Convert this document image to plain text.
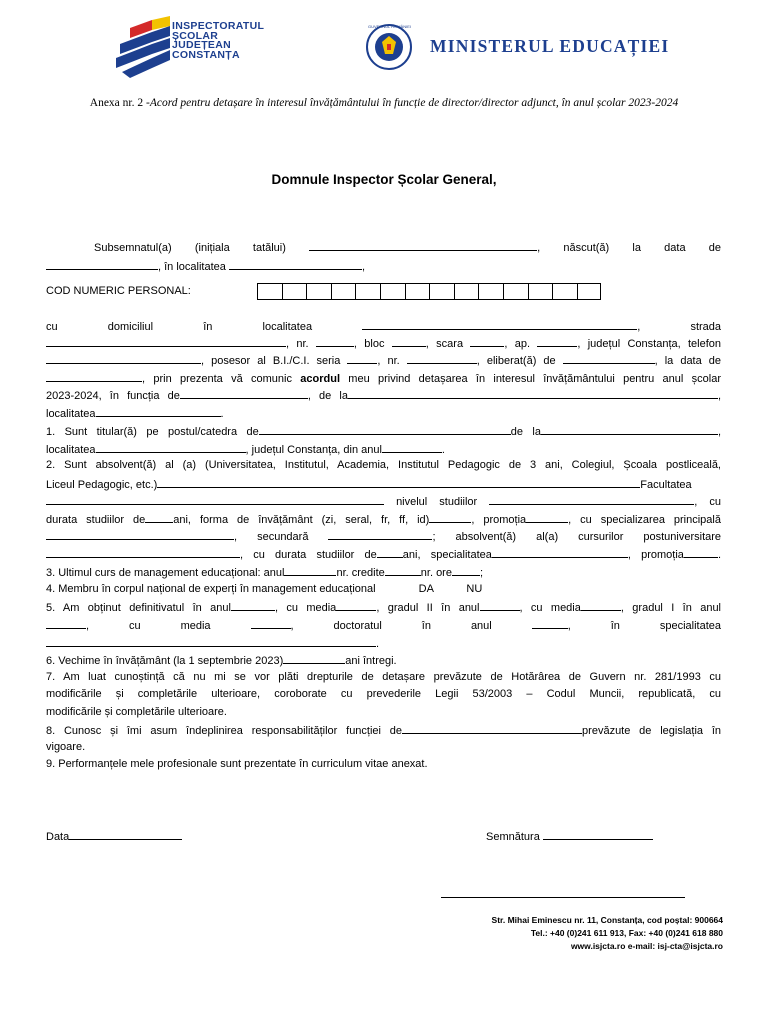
INSPECTORATUL
ȘCOLAR
JUDEȚEAN
CONSTANȚA
GUVERNUL ROMÂNIEI
MINISTERUL EDUCAȚIEI
Anexa nr. 2 -Acord pentru detașare în interesul învățământului în funcție de director/director adjunct, în anul școlar 2023-2024
Domnule Inspector Școlar General,
Subsemnatul(a) (inițiala tatălui)	, născut(ă) la data de
, în localitatea	,
COD NUMERIC PERSONAL:
cu	domiciliul	în	localitatea	,	strada
, nr.	, bloc	, scara	, ap.	, județul Constanța, telefon
, posesor al B.I./C.I. seria	, nr.	, eliberat(ă) de	, la data de
, prin prezenta vă comunic acordul meu privind detașarea în interesul învățământului pentru anul școlar
2023-2024, în funcția de	, de la	,
localitatea	.
1. Sunt titular(ă) pe postul/catedra de	de la	,
localitatea	, județul Constanța, din anul	.
2. Sunt absolvent(ă) al (a) (Universitatea, Institutul, Academia, Institutul Pedagogic de 3 ani, Colegiul, Școala postliceală,
Liceul Pedagogic, etc.)	Facultatea
nivelul studiilor	, cu
durata studiilor de	ani, forma de învățământ (zi, seral, fr, ff, id)	, promoția	, cu specializarea principală
, secundară	; absolvent(ă) al(a) cursurilor postuniversitare
, cu durata studiilor de ani, specialitatea	, promoția	.
3. Ultimul curs de management educațional: anul	nr. credite	nr. ore	;
4. Membru în corpul național de experți în management educațional	DA	NU
5. Am obținut definitivatul în anul	, cu media	, gradul II în anul	, cu media	, gradul I în anul
,	cu	media	,	doctoratul	în	anul	,	în	specialitatea
.
6. Vechime în învățământ (la 1 septembrie 2023)	ani întregi.
7. Am luat cunoștință că nu mi se vor plăti drepturile de detașare prevăzute de Hotărârea de Guvern nr. 281/1993 cu
modificările și completările ulterioare, coroborate cu prevederile Legii 53/2003 – Codul Muncii, republicată, cu
modificările și completările ulterioare.
8. Cunosc și îmi asum îndeplinirea responsabilităților funcției de	prevăzute de legislația în
vigoare.
9. Performanțele mele profesionale sunt prezentate în curriculum vitae anexat.
Data	Semnătura
Str. Mihai Eminescu nr. 11, Constanța, cod poștal: 900664
Tel.: +40 (0)241 611 913, Fax: +40 (0)241 618 880
www.isjcta.ro e-mail: isj-cta@isjcta.ro
